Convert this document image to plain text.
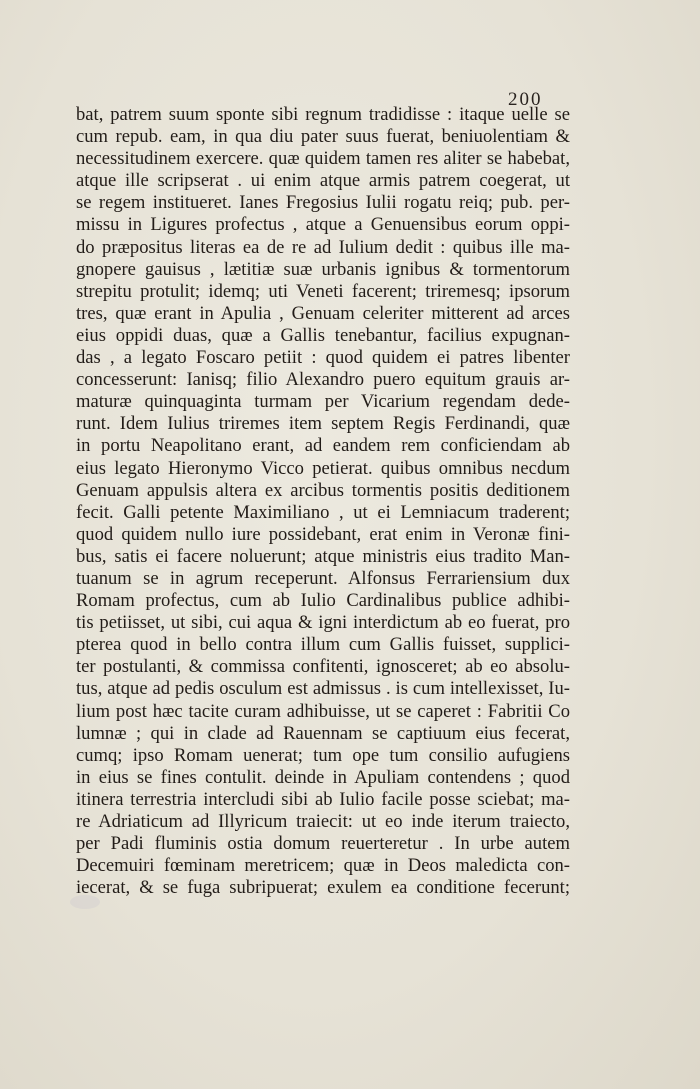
200
bat, patrem suum sponte sibi regnum tradidisse : itaque uelle se
cum repub. eam, in qua diu pater suus fuerat, beniuolentiam &
necessitudinem exercere. quæ quidem tamen res aliter se habebat,
atque ille scripserat . ui enim atque armis patrem coegerat, ut
se regem institueret. Ianes Fregosius Iulii rogatu reiq; pub. per-
missu in Ligures profectus , atque a Genuensibus eorum oppi-
do præpositus literas ea de re ad Iulium dedit : quibus ille ma-
gnopere gauisus , lætitiæ suæ urbanis ignibus & tormentorum
strepitu protulit; idemq; uti Veneti facerent; triremesq; ipsorum
tres, quæ erant in Apulia , Genuam celeriter mitterent ad arces
eius oppidi duas, quæ a Gallis tenebantur, facilius expugnan-
das , a legato Foscaro petiit : quod quidem ei patres libenter
concesserunt: Ianisq; filio Alexandro puero equitum grauis ar-
maturæ quinquaginta turmam per Vicarium regendam dede-
runt. Idem Iulius triremes item septem Regis Ferdinandi, quæ
in portu Neapolitano erant, ad eandem rem conficiendam ab
eius legato Hieronymo Vicco petierat. quibus omnibus necdum
Genuam appulsis altera ex arcibus tormentis positis deditionem
fecit. Galli petente Maximiliano , ut ei Lemniacum traderent;
quod quidem nullo iure possidebant, erat enim in Veronæ fini-
bus, satis ei facere noluerunt; atque ministris eius tradito Man-
tuanum se in agrum receperunt. Alfonsus Ferrariensium dux
Romam profectus, cum ab Iulio Cardinalibus publice adhibi-
tis petiisset, ut sibi, cui aqua & igni interdictum ab eo fuerat, pro
pterea quod in bello contra illum cum Gallis fuisset, supplici-
ter postulanti, & commissa confitenti, ignosceret; ab eo absolu-
tus, atque ad pedis osculum est admissus . is cum intellexisset, Iu-
lium post hæc tacite curam adhibuisse, ut se caperet : Fabritii Co
lumnæ ; qui in clade ad Rauennam se captiuum eius fecerat,
cumq; ipso Romam uenerat; tum ope tum consilio aufugiens
in eius se fines contulit. deinde in Apuliam contendens ; quod
itinera terrestria intercludi sibi ab Iulio facile posse sciebat; ma-
re Adriaticum ad Illyricum traiecit: ut eo inde iterum traiecto,
per Padi fluminis ostia domum reuerteretur . In urbe autem
Decemuiri fœminam meretricem; quæ in Deos maledicta con-
iecerat, & se fuga subripuerat; exulem ea conditione fecerunt;
